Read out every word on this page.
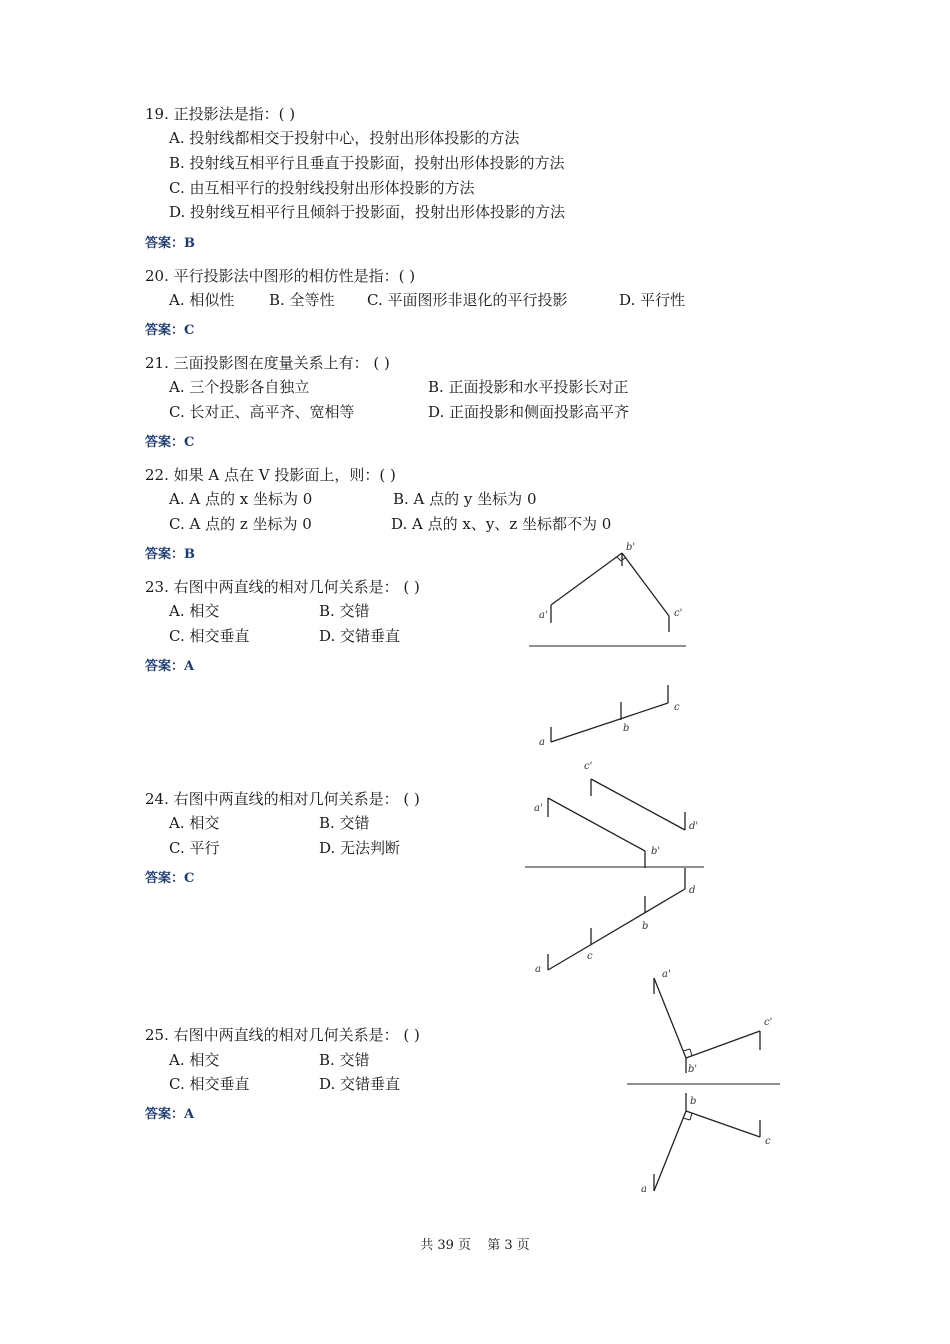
19. 正投影法是指：( )
A. 投射线都相交于投射中心，投射出形体投影的方法
B. 投射线互相平行且垂直于投影面，投射出形体投影的方法
C. 由互相平行的投射线投射出形体投影的方法
D. 投射线互相平行且倾斜于投影面，投射出形体投影的方法
答案：B
20. 平行投影法中图形的相仿性是指：( )
A. 相似性 B. 全等性 C. 平面图形非退化的平行投影	D. 平行性
答案：C
21. 三面投影图在度量关系上有： ( )
A. 三个投影各自独立	B. 正面投影和水平投影长对正
C. 长对正、高平齐、宽相等	D. 正面投影和侧面投影高平齐
答案：C
22. 如果 A 点在 V 投影面上，则：( )
A. A 点的 x 坐标为 0	B. A 点的 y 坐标为 0
C. A 点的 z 坐标为 0	D. A 点的 x、y、z 坐标都不为 0
答案：B
23. 右图中两直线的相对几何关系是： ( )
A. 相交	B. 交错
C. 相交垂直	D. 交错垂直
答案：A
a'
b'
c'
a
b
c
24. 右图中两直线的相对几何关系是： ( )
A. 相交	B. 交错
C. 平行	D. 无法判断
答案：C
a'
c'
b'
d'
a
c
b
d
25. 右图中两直线的相对几何关系是： ( )
A. 相交	B. 交错
C. 相交垂直	D. 交错垂直
答案：A
a'
c'
b'
b
c
a
共 39 页 第 3 页
